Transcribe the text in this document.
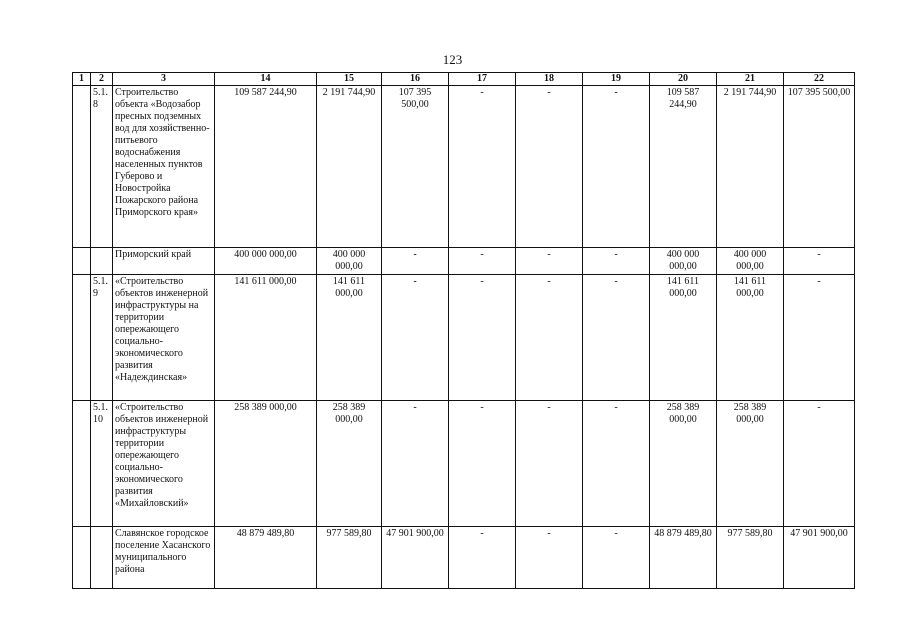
123
1	2	3	14	15	16	17	18	19	20	21	22
	5.1.8	Строительство объекта «Водозабор пресных подземных вод для хозяйственно-питьевого водоснабжения населенных пунктов Губерово и Новостройка Пожарского района Приморского края»	109 587 244,90	2 191 744,90	107 395 500,00	-	-	-	109 587 244,90	2 191 744,90	107 395 500,00
		Приморский край	400 000 000,00	400 000 000,00	-	-	-	-	400 000 000,00	400 000 000,00	-
	5.1.9	«Строительство объектов инженерной инфраструктуры на территории опережающего социально-экономического развития «Надеждинская»	141 611 000,00	141 611 000,00	-	-	-	-	141 611 000,00	141 611 000,00	-
	5.1.10	«Строительство объектов инженерной инфраструктуры территории опережающего социально-экономического развития «Михайловский»	258 389 000,00	258 389 000,00	-	-	-	-	258 389 000,00	258 389 000,00	-
		Славянское городское поселение Хасанского муниципального района	48 879 489,80	977 589,80	47 901 900,00	-	-	-	48 879 489,80	977 589,80	47 901 900,00
